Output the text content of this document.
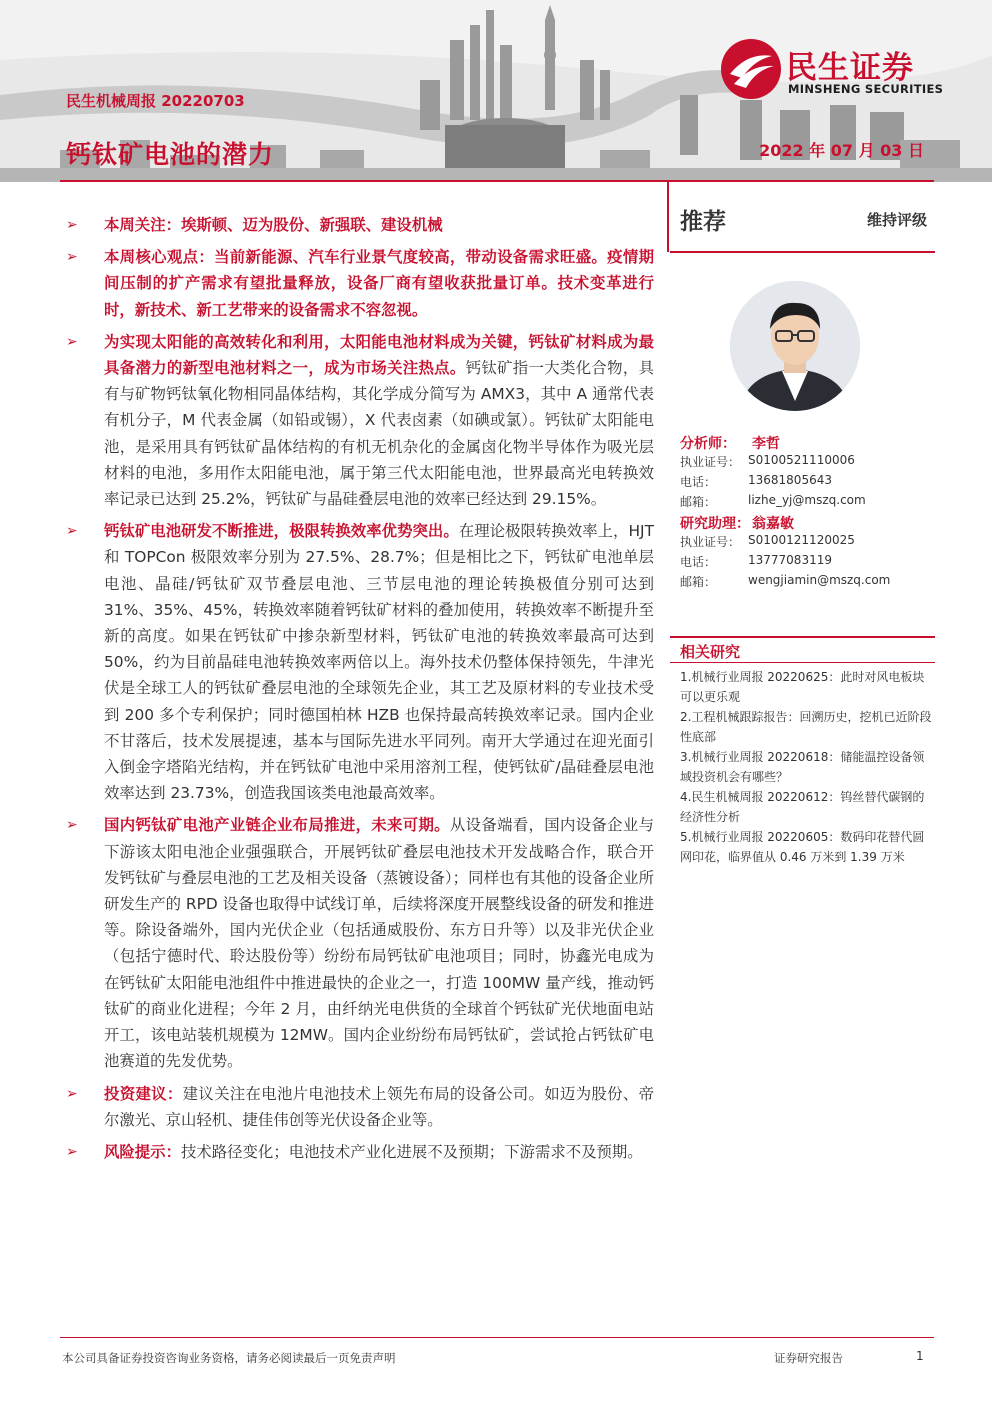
民生机械周报 20220703
钙钛矿电池的潜力	2022 年 07 月 03 日
民生证券
MINSHENG SECURITIES
➢ 本周关注：埃斯顿、迈为股份、新强联、建设机械
➢ 本周核心观点：当前新能源、汽车行业景气度较高，带动设备需求旺盛。疫情期间压制的扩产需求有望批量释放，设备厂商有望收获批量订单。技术变革进行时，新技术、新工艺带来的设备需求不容忽视。
➢ 为实现太阳能的高效转化和利用，太阳能电池材料成为关键，钙钛矿材料成为最具备潜力的新型电池材料之一，成为市场关注热点。钙钛矿指一大类化合物，具有与矿物钙钛氧化物相同晶体结构，其化学成分简写为 AMX3，其中 A 通常代表有机分子，M 代表金属（如铅或锡），X 代表卤素（如碘或氯）。钙钛矿太阳能电池，是采用具有钙钛矿晶体结构的有机无机杂化的金属卤化物半导体作为吸光层材料的电池，多用作太阳能电池，属于第三代太阳能电池，世界最高光电转换效率记录已达到 25.2%，钙钛矿与晶硅叠层电池的效率已经达到 29.15%。
➢ 钙钛矿电池研发不断推进，极限转换效率优势突出。在理论极限转换效率上，HJT 和 TOPCon 极限效率分别为 27.5%、28.7%；但是相比之下，钙钛矿电池单层电池、晶硅/钙钛矿双节叠层电池、三节层电池的理论转换极值分别可达到 31%、35%、45%，转换效率随着钙钛矿材料的叠加使用，转换效率不断提升至新的高度。如果在钙钛矿中掺杂新型材料，钙钛矿电池的转换效率最高可达到 50%，约为目前晶硅电池转换效率两倍以上。海外技术仍整体保持领先，牛津光伏是全球工人的钙钛矿叠层电池的全球领先企业，其工艺及原材料的专业技术受到 200 多个专利保护；同时德国柏林 HZB 也保持最高转换效率记录。国内企业不甘落后，技术发展提速，基本与国际先进水平同列。南开大学通过在迎光面引入倒金字塔陷光结构，并在钙钛矿电池中采用溶剂工程，使钙钛矿/晶硅叠层电池效率达到 23.73%，创造我国该类电池最高效率。
➢ 国内钙钛矿电池产业链企业布局推进，未来可期。从设备端看，国内设备企业与下游该太阳电池企业强强联合，开展钙钛矿叠层电池技术开发战略合作，联合开发钙钛矿与叠层电池的工艺及相关设备（蒸镀设备）；同样也有其他的设备企业所研发生产的 RPD 设备也取得中试线订单，后续将深度开展整线设备的研发和推进等。除设备端外，国内光伏企业（包括通威股份、东方日升等）以及非光伏企业（包括宁德时代、聆达股份等）纷纷布局钙钛矿电池项目；同时，协鑫光电成为在钙钛矿太阳能电池组件中推进最快的企业之一，打造 100MW 量产线，推动钙钛矿的商业化进程；今年 2 月，由纤纳光电供货的全球首个钙钛矿光伏地面电站开工，该电站装机规模为 12MW。国内企业纷纷布局钙钛矿，尝试抢占钙钛矿电池赛道的先发优势。
➢ 投资建议：建议关注在电池片电池技术上领先布局的设备公司。如迈为股份、帝尔激光、京山轻机、捷佳伟创等光伏设备企业等。
➢ 风险提示：技术路径变化；电池技术产业化进展不及预期；下游需求不及预期。
推荐	维持评级
分析师： 李哲
执业证号： S0100521110006
电话：	13681805643
邮箱：	lizhe_yj@mszq.com
研究助理： 翁嘉敏
执业证号： S0100121120025
电话：	13777083119
邮箱：	wengjiamin@mszq.com
相关研究
1.机械行业周报 20220625：此时对风电板块可以更乐观
2.工程机械跟踪报告：回溯历史，挖机已近阶段性底部
3.机械行业周报 20220618：储能温控设备领域投资机会有哪些？
4.民生机械周报 20220612：钨丝替代碳钢的经济性分析
5.机械行业周报 20220605：数码印花替代圆网印花，临界值从 0.46 万米到 1.39 万米
本公司具备证券投资咨询业务资格，请务必阅读最后一页免责声明	证券研究报告	1
